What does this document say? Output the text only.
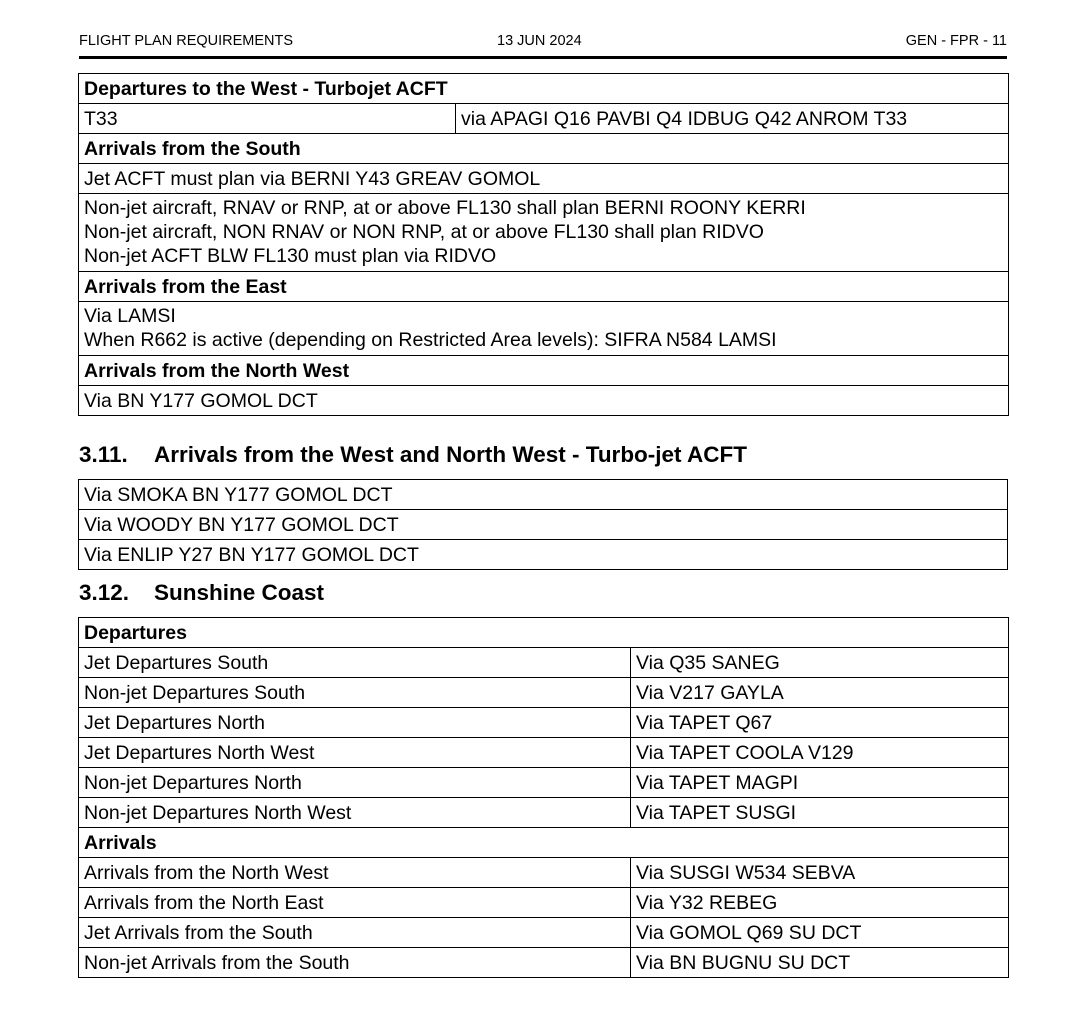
FLIGHT PLAN REQUIREMENTS	13 JUN 2024	GEN - FPR - 11
Departures to the West - Turbojet ACFT
T33	via APAGI Q16 PAVBI Q4 IDBUG Q42 ANROM T33
Arrivals from the South
Jet ACFT must plan via BERNI Y43 GREAV GOMOL

Non-jet aircraft, RNAV or RNP, at or above FL130 shall plan BERNI ROONY KERRI
Non-jet aircraft, NON RNAV or NON RNP, at or above FL130 shall plan RIDVO
Non-jet ACFT BLW FL130 must plan via RIDVO

Arrivals from the East

Via LAMSI
When R662 is active (depending on Restricted Area levels): SIFRA N584 LAMSI

Arrivals from the North West
Via BN Y177 GOMOL DCT
3.11. Arrivals from the West and North West - Turbo-jet ACFT
Via SMOKA BN Y177 GOMOL DCT
Via WOODY BN Y177 GOMOL DCT
Via ENLIP Y27 BN Y177 GOMOL DCT
3.12. Sunshine Coast
Departures	
Jet Departures South	Via Q35 SANEG
Non-jet Departures South	Via V217 GAYLA
Jet Departures North	Via TAPET Q67
Jet Departures North West	Via TAPET COOLA V129
Non-jet Departures North	Via TAPET MAGPI
Non-jet Departures North West	Via TAPET SUSGI
Arrivals	
Arrivals from the North West	Via SUSGI W534 SEBVA
Arrivals from the North East	Via Y32 REBEG
Jet Arrivals from the South	Via GOMOL Q69 SU DCT
Non-jet Arrivals from the South	Via BN BUGNU SU DCT
